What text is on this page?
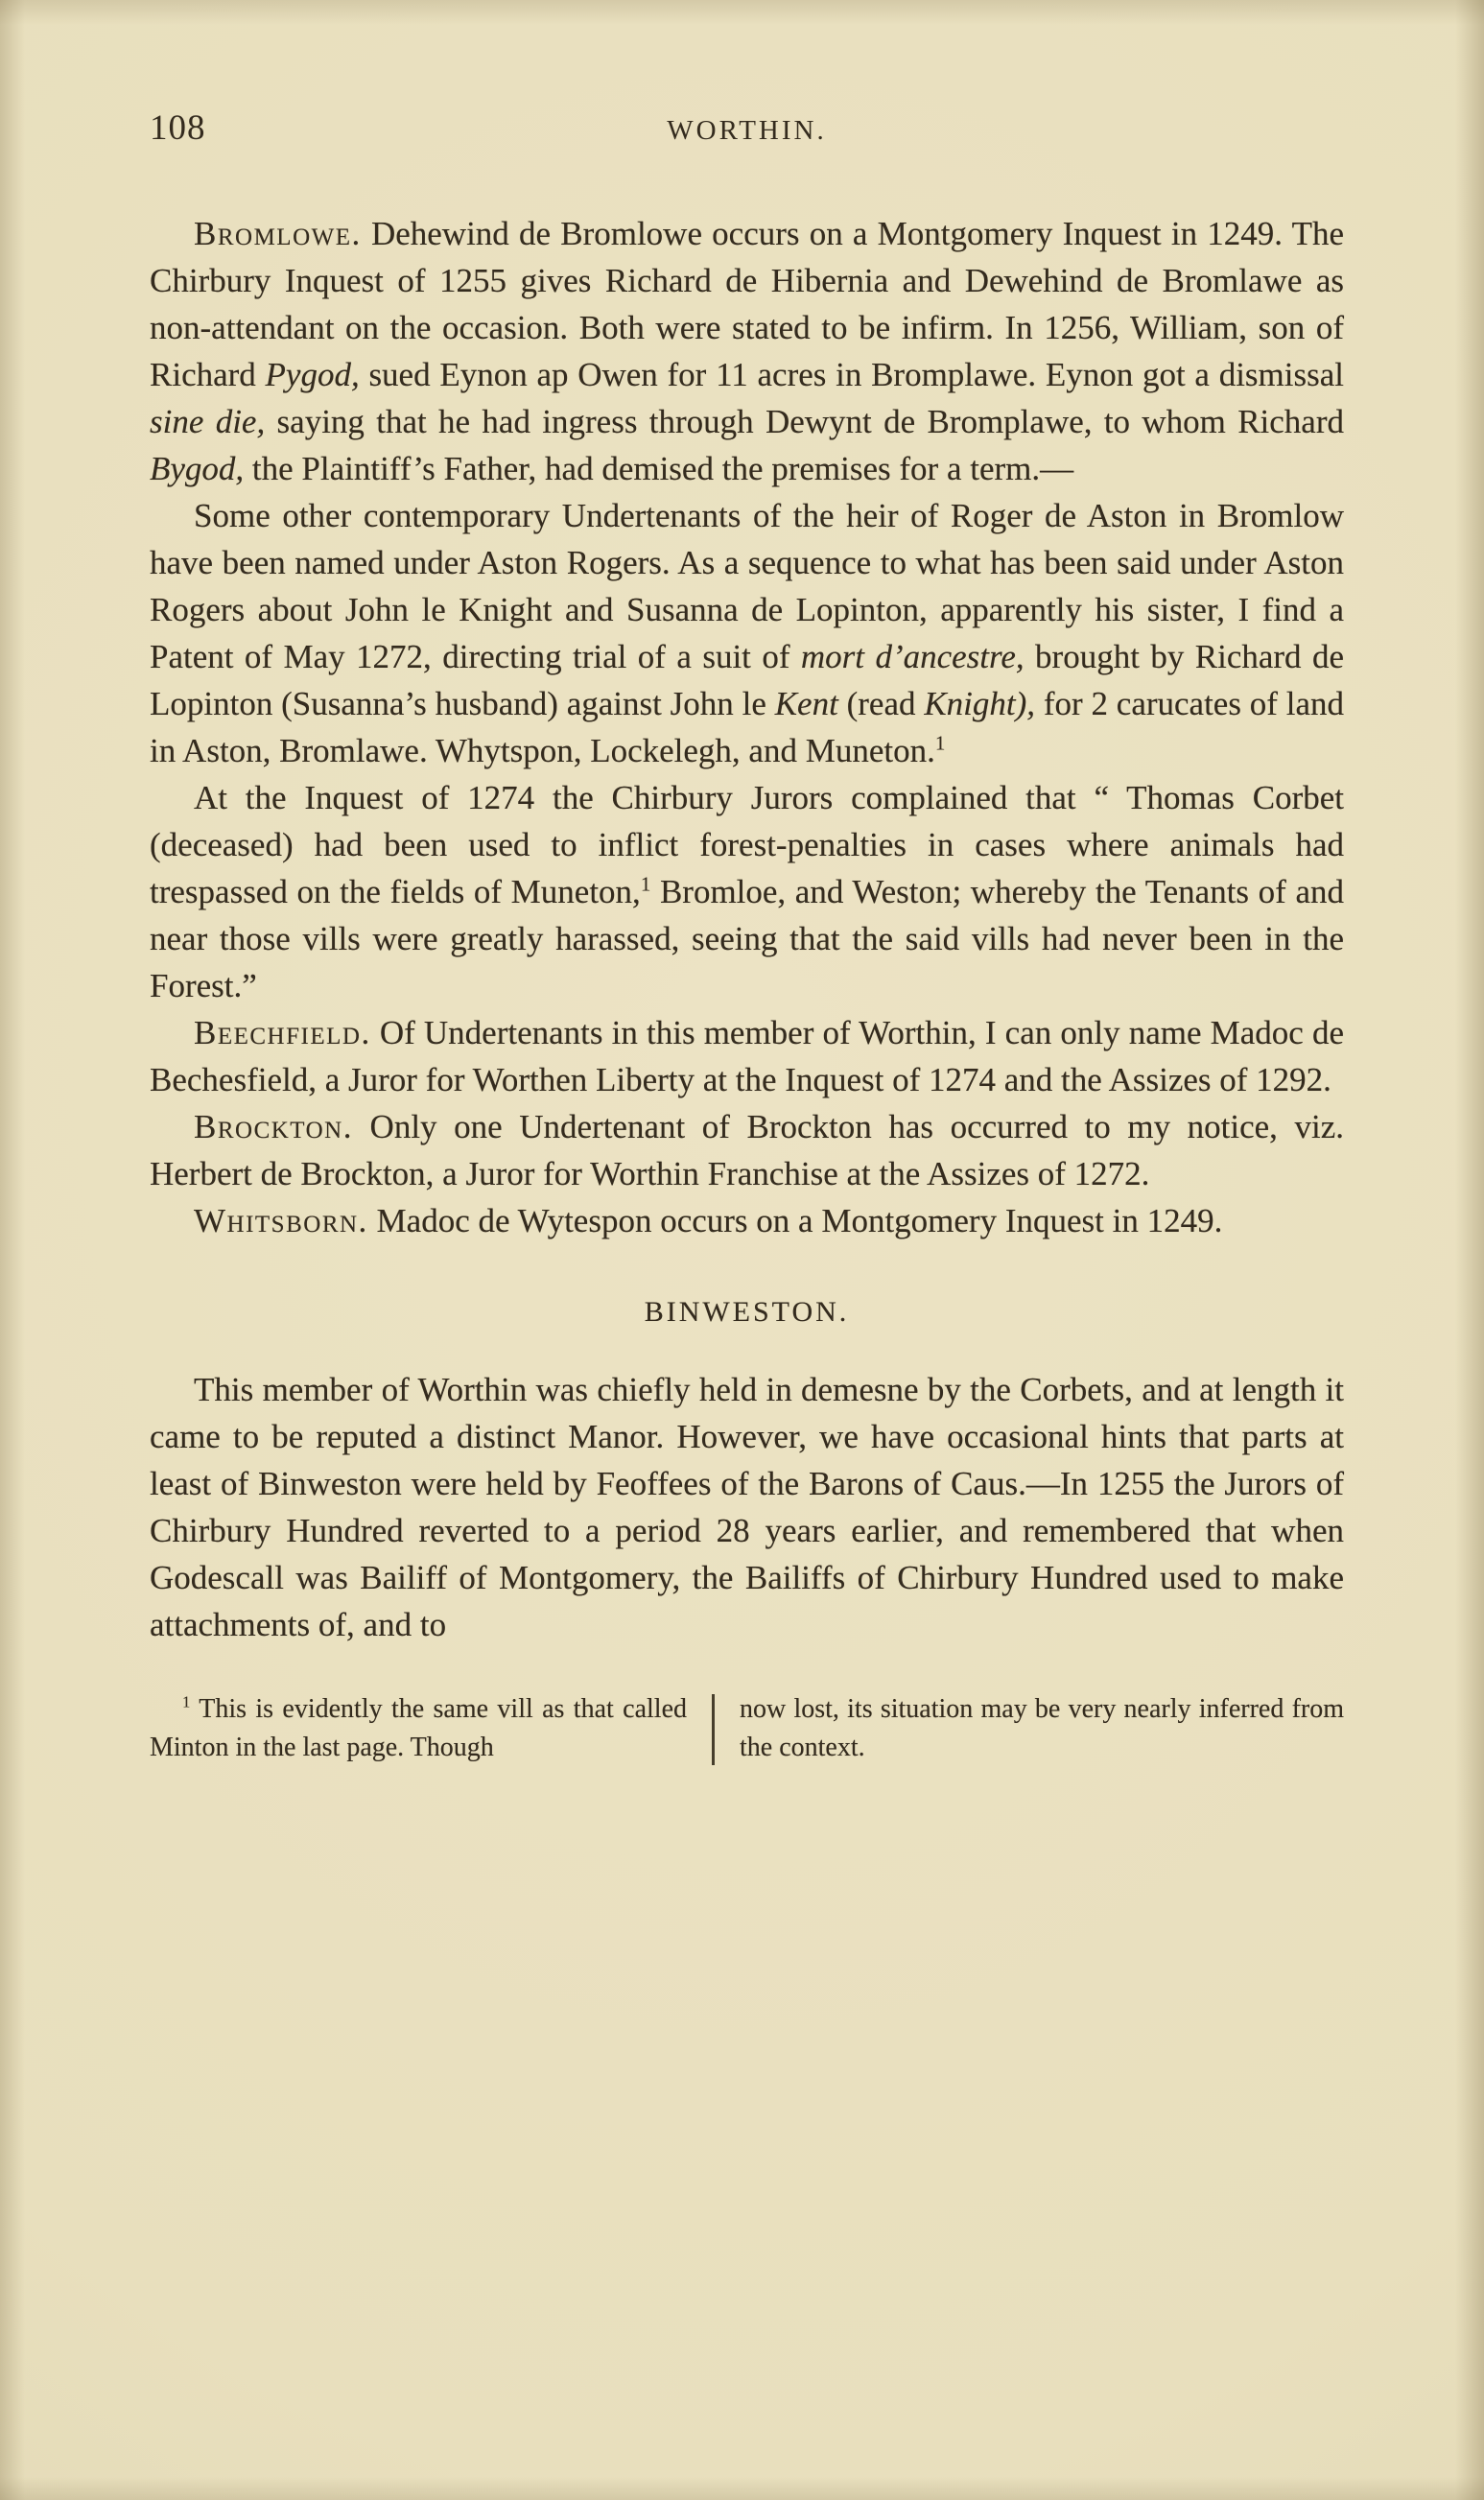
108	WORTHIN.

Bromlowe. Dehewind de Bromlowe occurs on a Montgomery Inquest in 1249. The Chirbury Inquest of 1255 gives Richard de Hibernia and Dewehind de Bromlawe as non-attendant on the occasion. Both were stated to be infirm. In 1256, William, son of Richard Pygod, sued Eynon ap Owen for 11 acres in Bromplawe. Eynon got a dismissal sine die, saying that he had ingress through Dewynt de Bromplawe, to whom Richard Bygod, the Plaintiff’s Father, had demised the premises for a term.—

Some other contemporary Undertenants of the heir of Roger de Aston in Bromlow have been named under Aston Rogers. As a sequence to what has been said under Aston Rogers about John le Knight and Susanna de Lopinton, apparently his sister, I find a Patent of May 1272, directing trial of a suit of mort d’ancestre, brought by Richard de Lopinton (Susanna’s husband) against John le Kent (read Knight), for 2 carucates of land in Aston, Bromlawe. Whytspon, Lockelegh, and Muneton.$^1$

At the Inquest of 1274 the Chirbury Jurors complained that “ Thomas Corbet (deceased) had been used to inflict forest-penalties in cases where animals had trespassed on the fields of Muneton,$^1$ Bromloe, and Weston; whereby the Tenants of and near those vills were greatly harassed, seeing that the said vills had never been in the Forest.”

Beechfield. Of Undertenants in this member of Worthin, I can only name Madoc de Bechesfield, a Juror for Worthen Liberty at the Inquest of 1274 and the Assizes of 1292.

Brockton. Only one Undertenant of Brockton has occurred to my notice, viz. Herbert de Brockton, a Juror for Worthin Franchise at the Assizes of 1272.

Whitsborn. Madoc de Wytespon occurs on a Montgomery Inquest in 1249.

BINWESTON.

This member of Worthin was chiefly held in demesne by the Corbets, and at length it came to be reputed a distinct Manor. However, we have occasional hints that parts at least of Binweston were held by Feoffees of the Barons of Caus.—In 1255 the Jurors of Chirbury Hundred reverted to a period 28 years earlier, and remembered that when Godescall was Bailiff of Montgomery, the Bailiffs of Chirbury Hundred used to make attachments of, and to

$^1$ This is evidently the same vill as that called Minton in the last page. Though
now lost, its situation may be very nearly inferred from the context.
